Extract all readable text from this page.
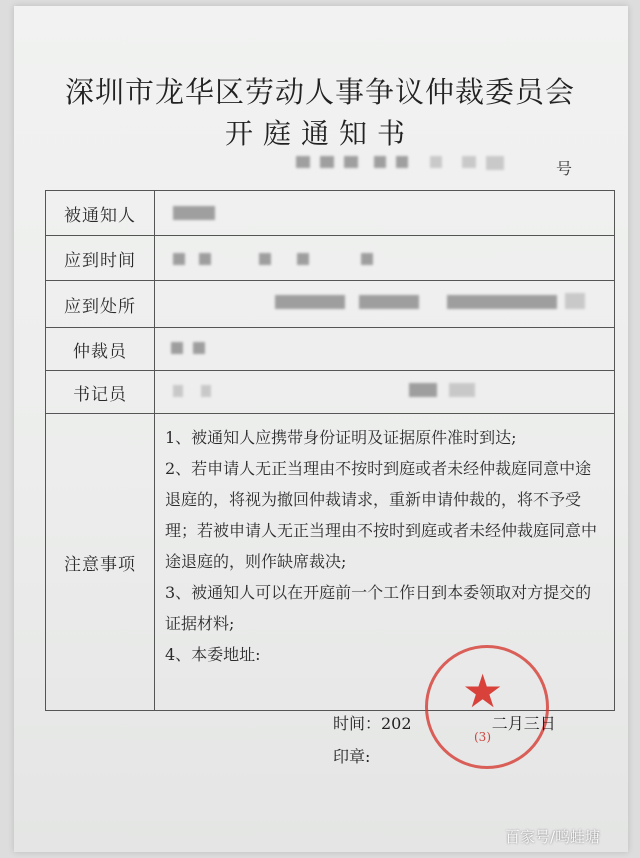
深圳市龙华区劳动人事争议仲裁委员会
开庭通知书
号
被通知人	

应到时间	

应到处所	

仲裁员	

书记员	

注意事项	1、被通知人应携带身份证明及证据原件准时到达;

2、若申请人无正当理由不按时到庭或者未经仲裁庭同意中途退庭的，将视为撤回仲裁请求，重新申请仲裁的，将不予受理；若被申请人无正当理由不按时到庭或者未经仲裁庭同意中途退庭的，则作缺席裁决;

3、被通知人可以在开庭前一个工作日到本委领取对方提交的证据材料;

4、本委地址:

★
(3)
时间：202	二月三日
印章:
百家号/鸣蛙塘
